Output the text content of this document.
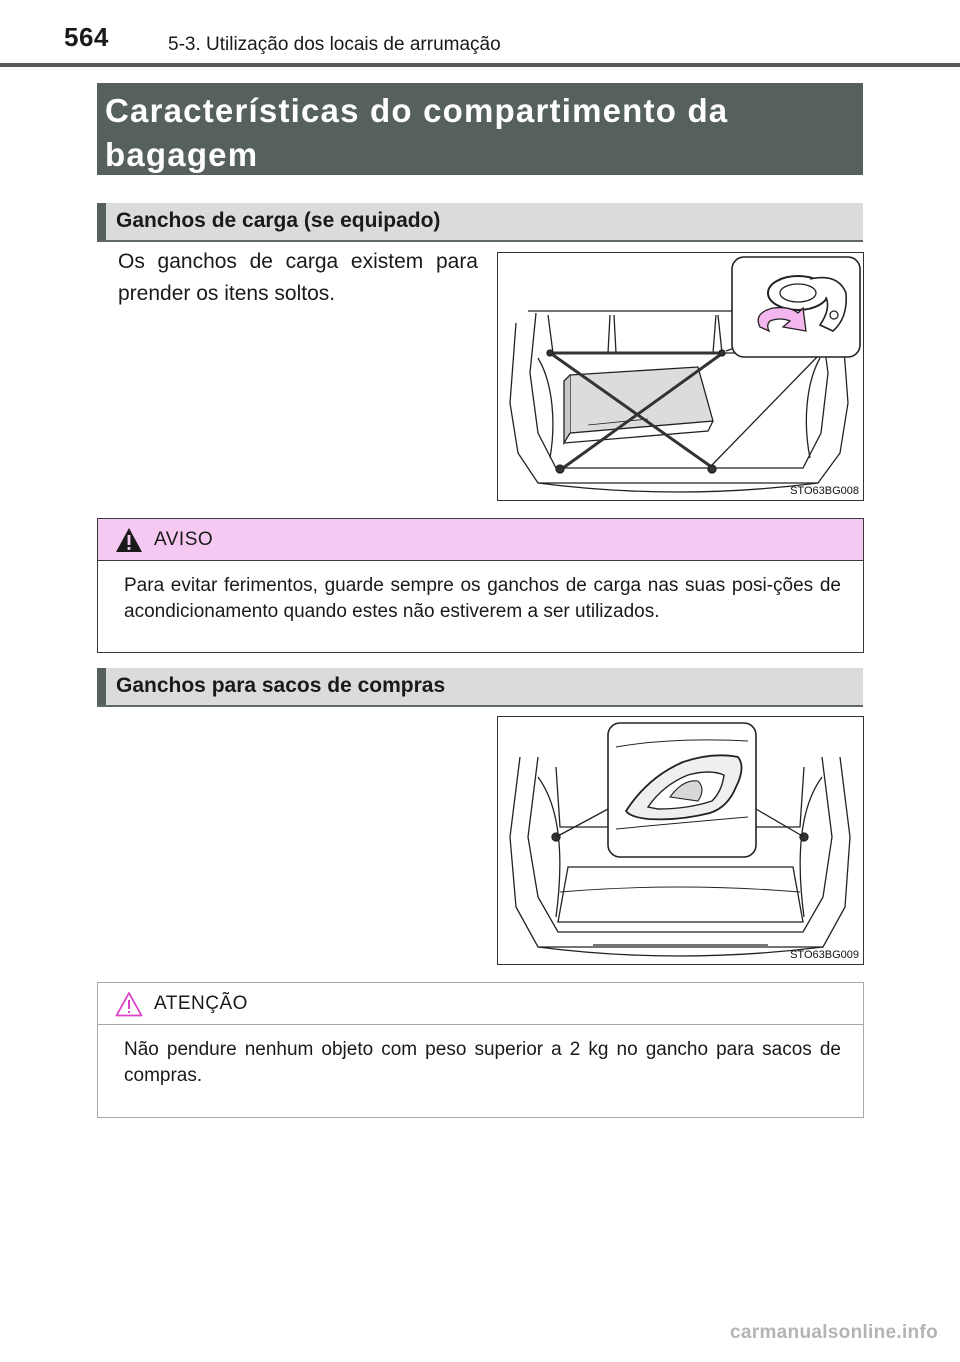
564	5-3. Utilização dos locais de arrumação
Características do compartimento da
bagagem
Ganchos de carga (se equipado)
Os ganchos de carga existem para prender os itens soltos.
STO63BG008
AVISO
Para evitar ferimentos, guarde sempre os ganchos de carga nas suas posi-ções de acondicionamento quando estes não estiverem a ser utilizados.
Ganchos para sacos de compras
STO63BG009
ATENÇÃO
Não pendure nenhum objeto com peso superior a 2 kg no gancho para sacos de compras.
carmanualsonline.info
